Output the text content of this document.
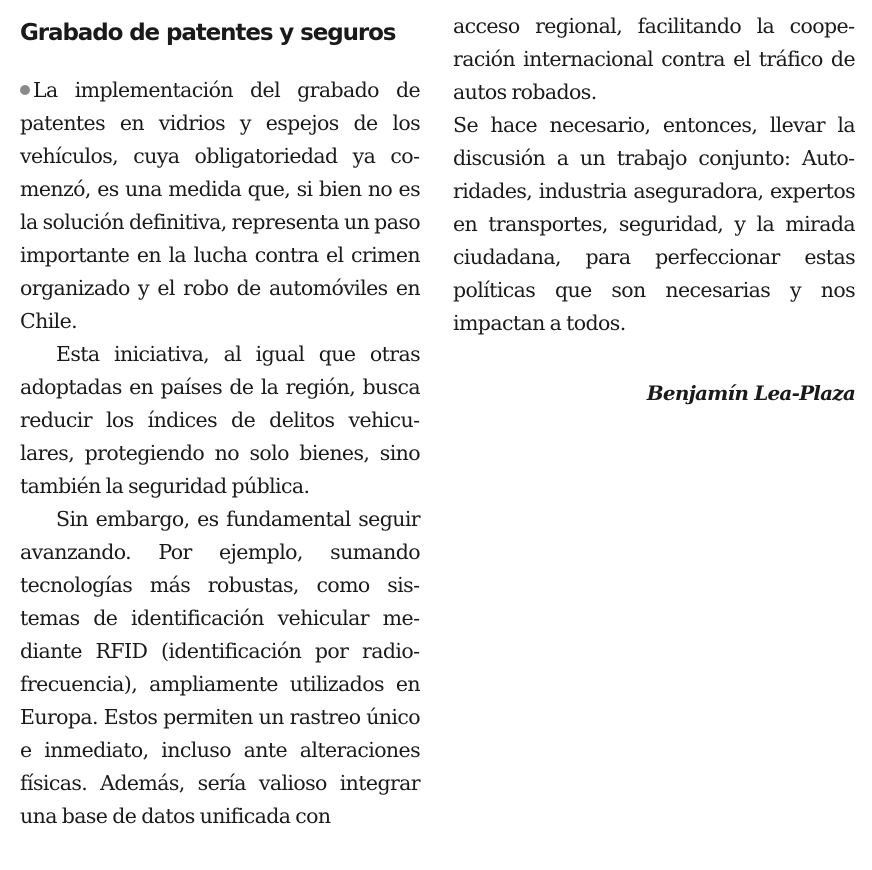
Grabado de patentes y seguros

La implementación del grabado de patentes en vidrios y espejos de los vehículos, cuya obligatoriedad ya comenzó, es una medida que, si bien no es la solución definitiva, representa un paso importante en la lucha contra el crimen organizado y el robo de automóviles en Chile.

Esta iniciativa, al igual que otras adoptadas en países de la región, busca reducir los índices de delitos vehiculares, protegiendo no solo bienes, sino también la seguridad pública.

Sin embargo, es fundamental seguir avanzando. Por ejemplo, sumando tecnologías más robustas, como sistemas de identificación vehicular mediante RFID (identificación por radiofrecuencia), ampliamente utilizados en Europa. Estos permiten un rastreo único e inmediato, incluso ante alteraciones físicas. Además, sería valioso integrar una base de datos unificada con

acceso regional, facilitando la cooperación internacional contra el tráfico de autos robados.

Se hace necesario, entonces, llevar la discusión a un trabajo conjunto: Autoridades, industria aseguradora, expertos en transportes, seguridad, y la mirada ciudadana, para perfeccionar estas políticas que son necesarias y nos impactan a todos.

Benjamín Lea-Plaza
